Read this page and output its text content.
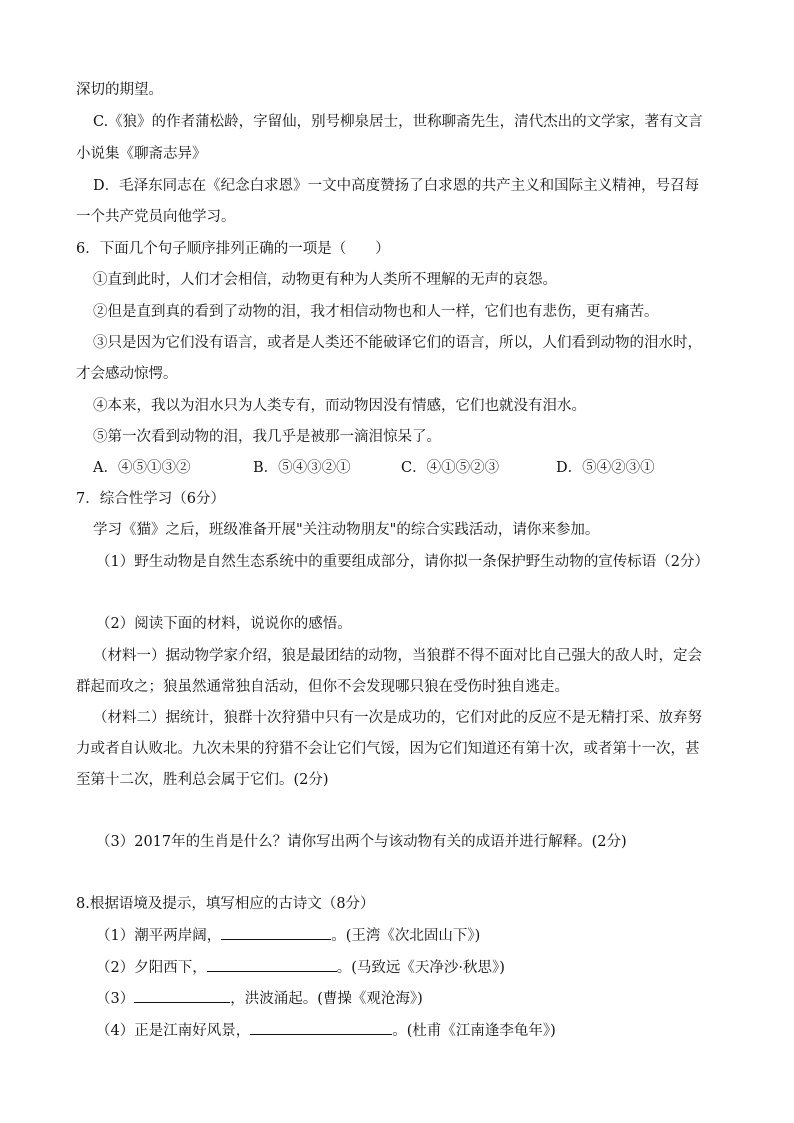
深切的期望。
C.《狼》的作者蒲松龄，字留仙，别号柳泉居士，世称聊斋先生，清代杰出的文学家，著有文言
小说集《聊斋志异》
D．毛泽东同志在《纪念白求恩》一文中高度赞扬了白求恩的共产主义和国际主义精神，号召每
一个共产党员向他学习。
6．下面几个句子顺序排列正确的一项是（　　）
①直到此时，人们才会相信，动物更有种为人类所不理解的无声的哀怨。
②但是直到真的看到了动物的泪，我才相信动物也和人一样，它们也有悲伤，更有痛苦。
③只是因为它们没有语言，或者是人类还不能破译它们的语言，所以，人们看到动物的泪水时，
才会感动惊愕。
④本来，我以为泪水只为人类专有，而动物因没有情感，它们也就没有泪水。
⑤第一次看到动物的泪，我几乎是被那一滴泪惊呆了。
A．④⑤①③②	B．⑤④③②①	C．④①⑤②③	D．⑤④②③①
7．综合性学习（6分）
学习《猫》之后，班级准备开展"关注动物朋友"的综合实践活动，请你来参加。
（1）野生动物是自然生态系统中的重要组成部分，请你拟一条保护野生动物的宣传标语（2分）
（2）阅读下面的材料，说说你的感悟。
（材料一）据动物学家介绍，狼是最团结的动物，当狼群不得不面对比自己强大的敌人时，定会
群起而攻之；狼虽然通常独自活动，但你不会发现哪只狼在受伤时独自逃走。
（材料二）据统计，狼群十次狩猎中只有一次是成功的，它们对此的反应不是无精打采、放弃努
力或者自认败北。九次未果的狩猎不会让它们气馁，因为它们知道还有第十次，或者第十一次，甚
至第十二次，胜利总会属于它们。(2分)
（3）2017年的生肖是什么？请你写出两个与该动物有关的成语并进行解释。(2分)
8.根据语境及提示，填写相应的古诗文（8分）
（1）潮平两岸阔，	。(王湾《次北固山下》)
（2）夕阳西下，	。(马致远《天净沙·秋思》)
（3）	，洪波涌起。(曹操《观沧海》)
（4）正是江南好风景，	。(杜甫《江南逢李龟年》)
